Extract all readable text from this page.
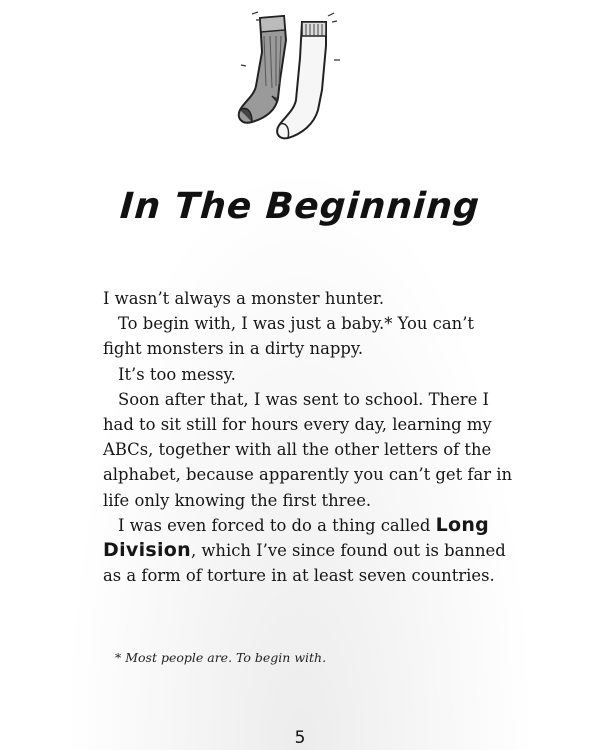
In The Beginning
I wasn’t always a monster hunter.
To begin with, I was just a baby.* You can’t
fight monsters in a dirty nappy.
It’s too messy.
Soon after that, I was sent to school. There I
had to sit still for hours every day, learning my
ABCs, together with all the other letters of the
alphabet, because apparently you can’t get far in
life only knowing the first three.
I was even forced to do a thing called Long
Division, which I’ve since found out is banned
as a form of torture in at least seven countries.
* Most people are. To begin with.
5
